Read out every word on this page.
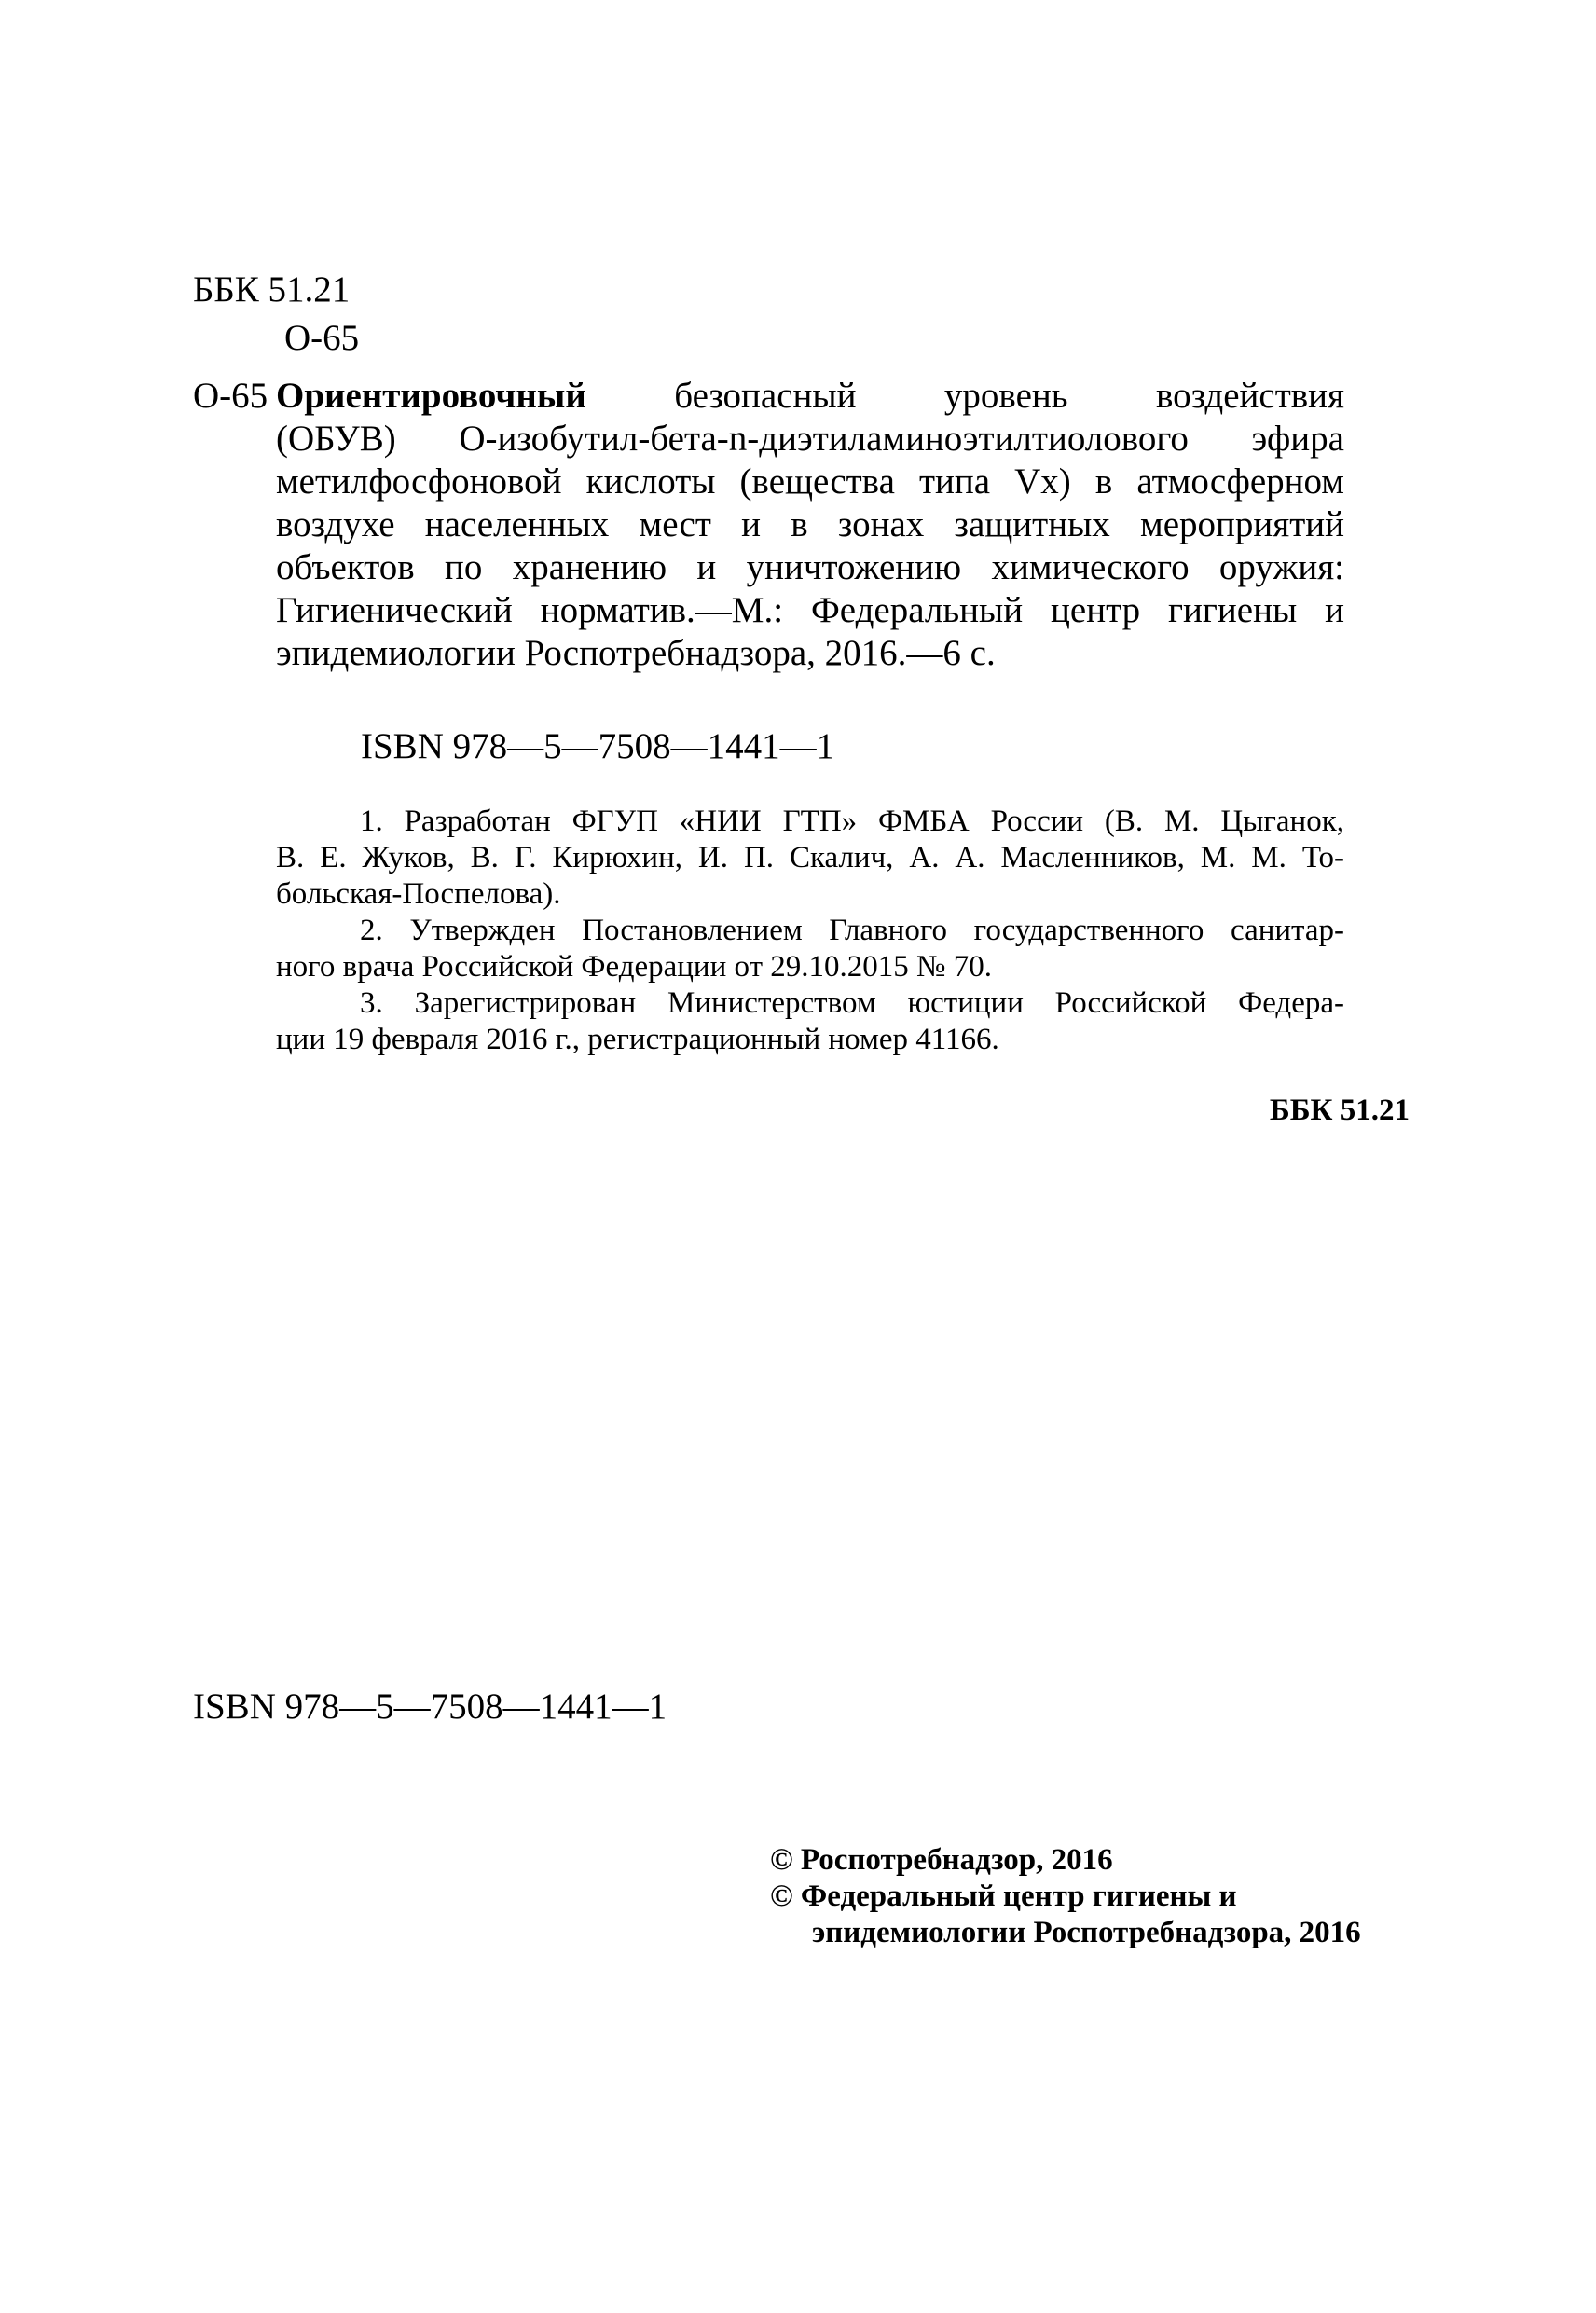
ББК 51.21
О-65
О-65 Ориентировочный безопасный уровень воздействия
(ОБУВ) О-изобутил-бета-n-диэтиламиноэтилтиолового эфира
метилфосфоновой кислоты (вещества типа Vx) в атмосферном
воздухе населенных мест и в зонах защитных мероприятий
объектов по хранению и уничтожению химического оружия:
Гигиенический норматив.—М.: Федеральный центр гигиены и
эпидемиологии Роспотребнадзора, 2016.—6 с.
ISBN 978—5—7508—1441—1
1. Разработан ФГУП «НИИ ГТП» ФМБА России (В. М. Цыганок,
В. Е. Жуков, В. Г. Кирюхин, И. П. Скалич, А. А. Масленников, М. М. То-
больская-Поспелова).
2. Утвержден Постановлением Главного государственного санитар-
ного врача Российской Федерации от 29.10.2015 № 70.
3. Зарегистрирован Министерством юстиции Российской Федера-
ции 19 февраля 2016 г., регистрационный номер 41166.
ББК 51.21
ISBN 978—5—7508—1441—1
© Роспотребнадзор, 2016
© Федеральный центр гигиены и
эпидемиологии Роспотребнадзора, 2016
